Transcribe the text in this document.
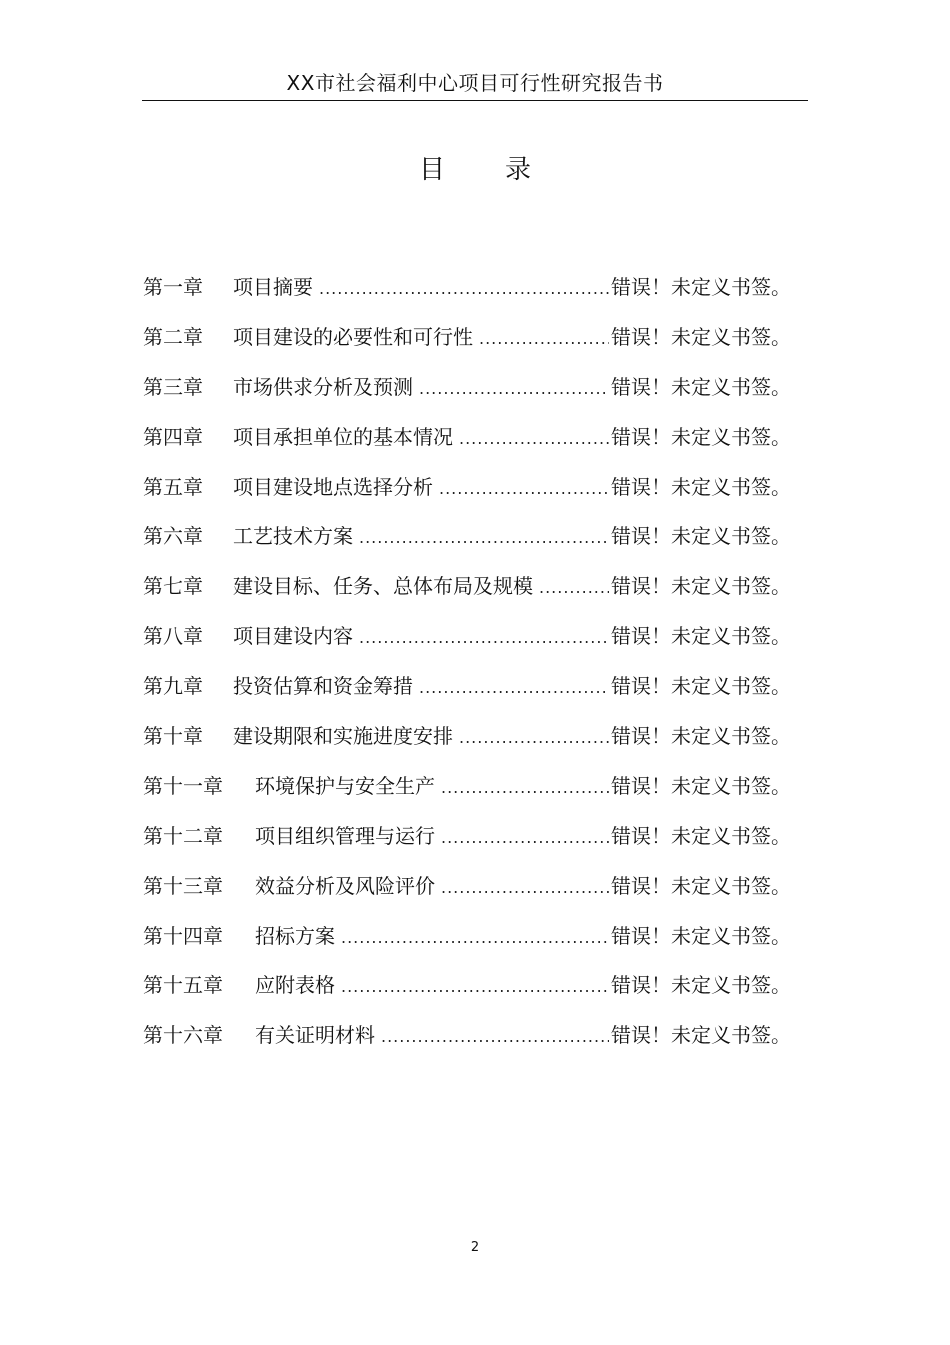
XX市社会福利中心项目可行性研究报告书
目 录
第一章	项目摘要 .....	错误！未定义书签。
第二章	项目建设的必要性和可行性 .....	错误！未定义书签。
第三章	市场供求分析及预测 .....	错误！未定义书签。
第四章	项目承担单位的基本情况 .....	错误！未定义书签。
第五章	项目建设地点选择分析 .....	错误！未定义书签。
第六章	工艺技术方案 .....	错误！未定义书签。
第七章	建设目标、任务、总体布局及规模 .....	错误！未定义书签。
第八章	项目建设内容 .....	错误！未定义书签。
第九章	投资估算和资金筹措 .....	错误！未定义书签。
第十章	建设期限和实施进度安排 .....	错误！未定义书签。
第十一章	环境保护与安全生产 .....	错误！未定义书签。
第十二章	项目组织管理与运行 .....	错误！未定义书签。
第十三章	效益分析及风险评价 .....	错误！未定义书签。
第十四章	招标方案 .....	错误！未定义书签。
第十五章	应附表格 .....	错误！未定义书签。
第十六章	有关证明材料 .....	错误！未定义书签。
2
